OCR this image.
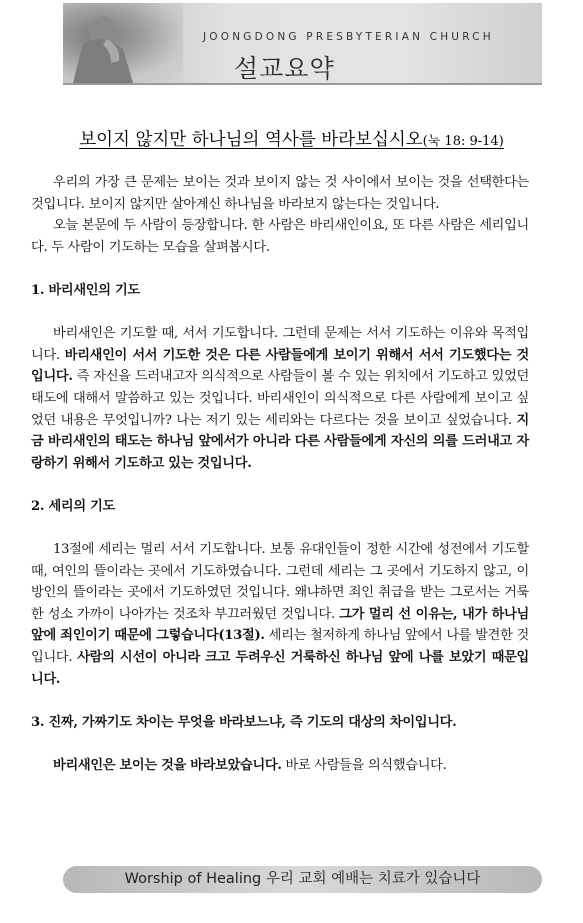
JOONGDONG PRESBYTERIAN CHURCH
설교요약
보이지 않지만 하나님의 역사를 바라보십시오(눅 18: 9-14)

우리의 가장 큰 문제는 보이는 것과 보이지 않는 것 사이에서 보이는 것을 선택한다는 것입니다. 보이지 않지만 살아계신 하나님을 바라보지 않는다는 것입니다.

오늘 본문에 두 사람이 등장합니다. 한 사람은 바리새인이요, 또 다른 사람은 세리입니다. 두 사람이 기도하는 모습을 살펴봅시다.

1. 바리새인의 기도

바리새인은 기도할 때, 서서 기도합니다. 그런데 문제는 서서 기도하는 이유와 목적입니다. 바리새인이 서서 기도한 것은 다른 사람들에게 보이기 위해서 서서 기도했다는 것입니다. 즉 자신을 드러내고자 의식적으로 사람들이 볼 수 있는 위치에서 기도하고 있었던 태도에 대해서 말씀하고 있는 것입니다. 바리새인이 의식적으로 다른 사람에게 보이고 싶었던 내용은 무엇입니까? 나는 저기 있는 세리와는 다르다는 것을 보이고 싶었습니다. 지금 바리새인의 태도는 하나님 앞에서가 아니라 다른 사람들에게 자신의 의를 드러내고 자랑하기 위해서 기도하고 있는 것입니다.

2. 세리의 기도

13절에 세리는 멀리 서서 기도합니다. 보통 유대인들이 정한 시간에 성전에서 기도할 때, 여인의 뜰이라는 곳에서 기도하였습니다. 그런데 세리는 그 곳에서 기도하지 않고, 이방인의 뜰이라는 곳에서 기도하였던 것입니다. 왜냐하면 죄인 취급을 받는 그로서는 거룩한 성소 가까이 나아가는 것조차 부끄러웠던 것입니다. 그가 멀리 선 이유는, 내가 하나님 앞에 죄인이기 때문에 그렇습니다(13절). 세리는 철저하게 하나님 앞에서 나를 발견한 것입니다. 사람의 시선이 아니라 크고 두려우신 거룩하신 하나님 앞에 나를 보았기 때문입니다.

3. 진짜, 가짜기도 차이는 무엇을 바라보느냐, 즉 기도의 대상의 차이입니다.

바리새인은 보이는 것을 바라보았습니다. 바로 사람들을 의식했습니다.

Worship of Healing 우리 교회 예배는 치료가 있습니다
